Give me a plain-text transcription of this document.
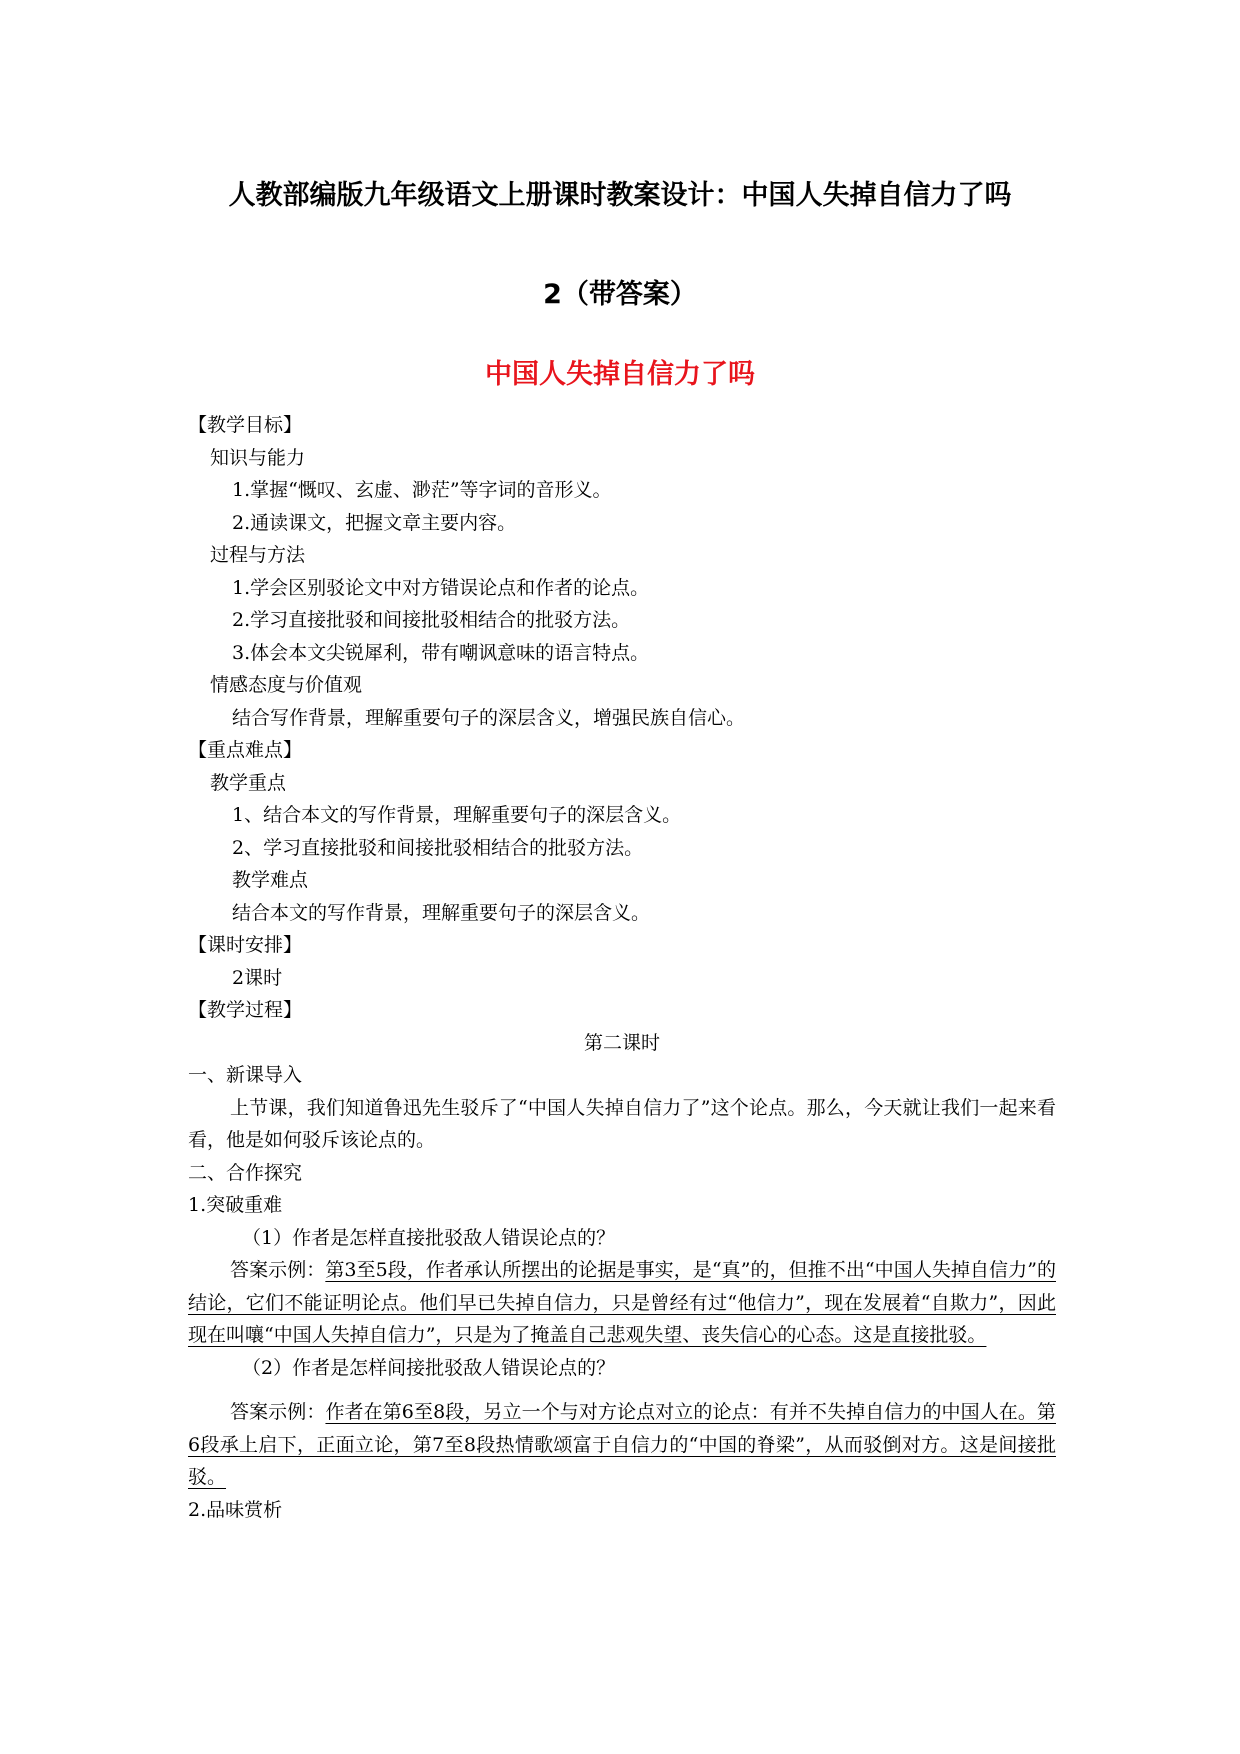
人教部编版九年级语文上册课时教案设计：中国人失掉自信力了吗
2（带答案）
中国人失掉自信力了吗

【教学目标】

知识与能力

1.掌握“慨叹、玄虚、渺茫”等字词的音形义。

2.通读课文，把握文章主要内容。

过程与方法

1.学会区别驳论文中对方错误论点和作者的论点。

2.学习直接批驳和间接批驳相结合的批驳方法。

3.体会本文尖锐犀利，带有嘲讽意味的语言特点。

情感态度与价值观

结合写作背景，理解重要句子的深层含义，增强民族自信心。

【重点难点】

教学重点

1、结合本文的写作背景，理解重要句子的深层含义。

2、学习直接批驳和间接批驳相结合的批驳方法。

教学难点

结合本文的写作背景，理解重要句子的深层含义。

【课时安排】

2课时

【教学过程】

第二课时

一、新课导入

上节课，我们知道鲁迅先生驳斥了“中国人失掉自信力了”这个论点。那么，今天就让我们一起来看看，他是如何驳斥该论点的。

二、合作探究

1.突破重难

（1）作者是怎样直接批驳敌人错误论点的？

答案示例：第3至5段，作者承认所摆出的论据是事实，是“真”的，但推不出“中国人失掉自信力”的结论，它们不能证明论点。他们早已失掉自信力，只是曾经有过“他信力”，现在发展着“自欺力”，因此现在叫嚷“中国人失掉自信力”，只是为了掩盖自己悲观失望、丧失信心的心态。这是直接批驳。

（2）作者是怎样间接批驳敌人错误论点的？

答案示例：作者在第6至8段，另立一个与对方论点对立的论点：有并不失掉自信力的中国人在。第6段承上启下，正面立论，第7至8段热情歌颂富于自信力的“中国的脊梁”，从而驳倒对方。这是间接批驳。

2.品味赏析
